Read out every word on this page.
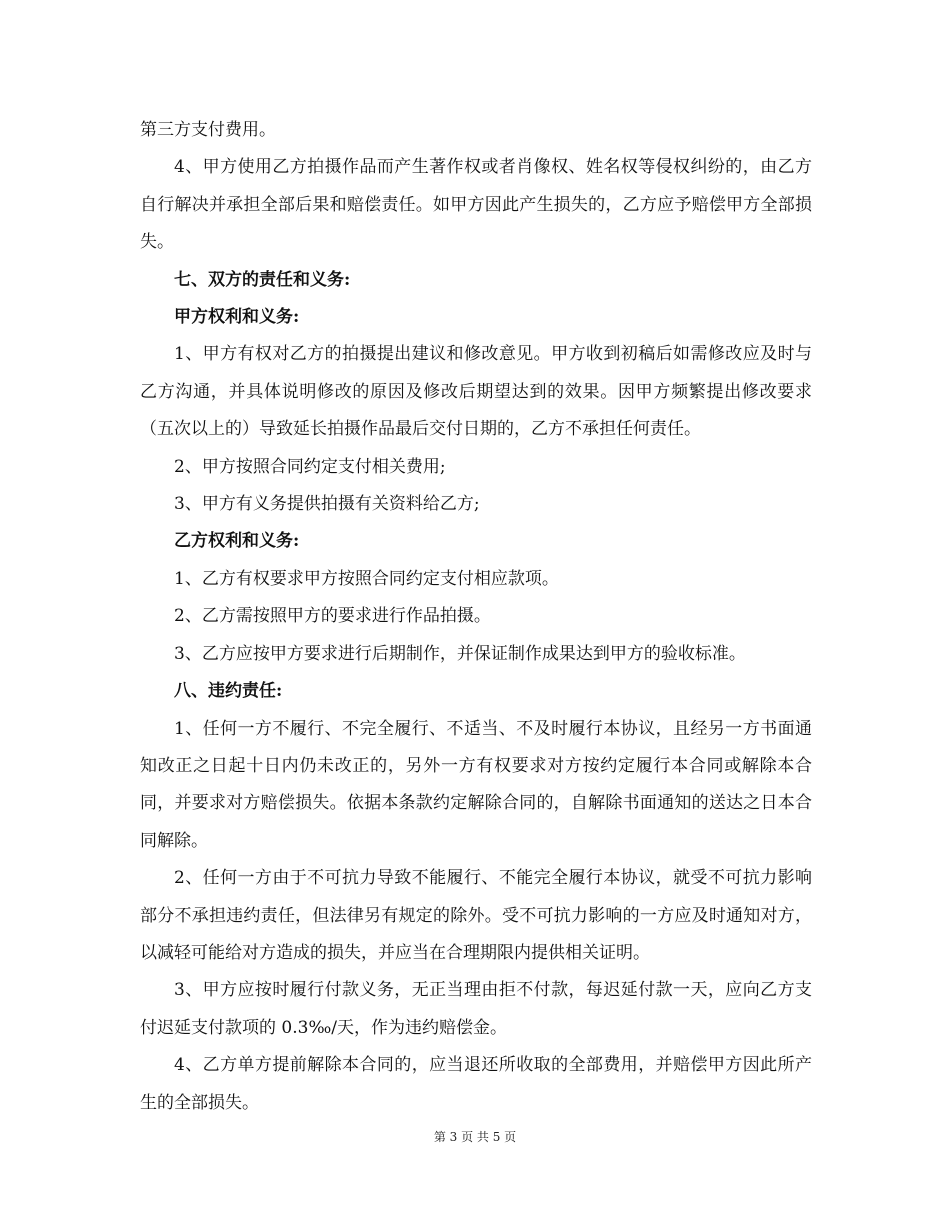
第三方支付费用。

4、甲方使用乙方拍摄作品而产生著作权或者肖像权、姓名权等侵权纠纷的，由乙方自行解决并承担全部后果和赔偿责任。如甲方因此产生损失的，乙方应予赔偿甲方全部损失。

七、双方的责任和义务:

甲方权利和义务:

1、甲方有权对乙方的拍摄提出建议和修改意见。甲方收到初稿后如需修改应及时与乙方沟通，并具体说明修改的原因及修改后期望达到的效果。因甲方频繁提出修改要求（五次以上的）导致延长拍摄作品最后交付日期的，乙方不承担任何责任。

2、甲方按照合同约定支付相关费用;

3、甲方有义务提供拍摄有关资料给乙方;

乙方权利和义务:

1、乙方有权要求甲方按照合同约定支付相应款项。

2、乙方需按照甲方的要求进行作品拍摄。

3、乙方应按甲方要求进行后期制作，并保证制作成果达到甲方的验收标准。

八、违约责任:

1、任何一方不履行、不完全履行、不适当、不及时履行本协议，且经另一方书面通知改正之日起十日内仍未改正的，另外一方有权要求对方按约定履行本合同或解除本合同，并要求对方赔偿损失。依据本条款约定解除合同的，自解除书面通知的送达之日本合同解除。

2、任何一方由于不可抗力导致不能履行、不能完全履行本协议，就受不可抗力影响部分不承担违约责任，但法律另有规定的除外。受不可抗力影响的一方应及时通知对方，以减轻可能给对方造成的损失，并应当在合理期限内提供相关证明。

3、甲方应按时履行付款义务，无正当理由拒不付款，每迟延付款一天，应向乙方支付迟延支付款项的 0.3‰/天，作为违约赔偿金。

4、乙方单方提前解除本合同的，应当退还所收取的全部费用，并赔偿甲方因此所产生的全部损失。

第 3 页 共 5 页
